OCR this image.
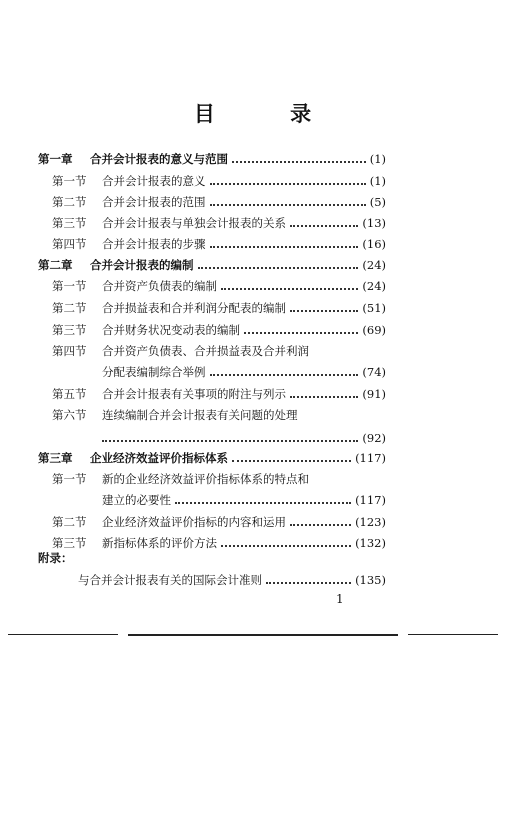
目 录
第一章	合并会计报表的意义与范围	(1)
第一节	合并会计报表的意义	(1)
第二节	合并会计报表的范围	(5)
第三节	合并会计报表与单独会计报表的关系	(13)
第四节	合并会计报表的步骤	(16)
第二章	合并会计报表的编制	(24)
第一节	合并资产负债表的编制	(24)
第二节	合并损益表和合并利润分配表的编制	(51)
第三节	合并财务状况变动表的编制	(69)
第四节	合并资产负债表、合并损益表及合并利润
分配表编制综合举例	(74)
第五节	合并会计报表有关事项的附注与列示	(91)
第六节	连续编制合并会计报表有关问题的处理
(92)
第三章	企业经济效益评价指标体系	(117)
第一节	新的企业经济效益评价指标体系的特点和
建立的必要性	(117)
第二节	企业经济效益评价指标的内容和运用	(123)
第三节	新指标体系的评价方法	(132)
附录：
与合并会计报表有关的国际会计准则	(135)
1
